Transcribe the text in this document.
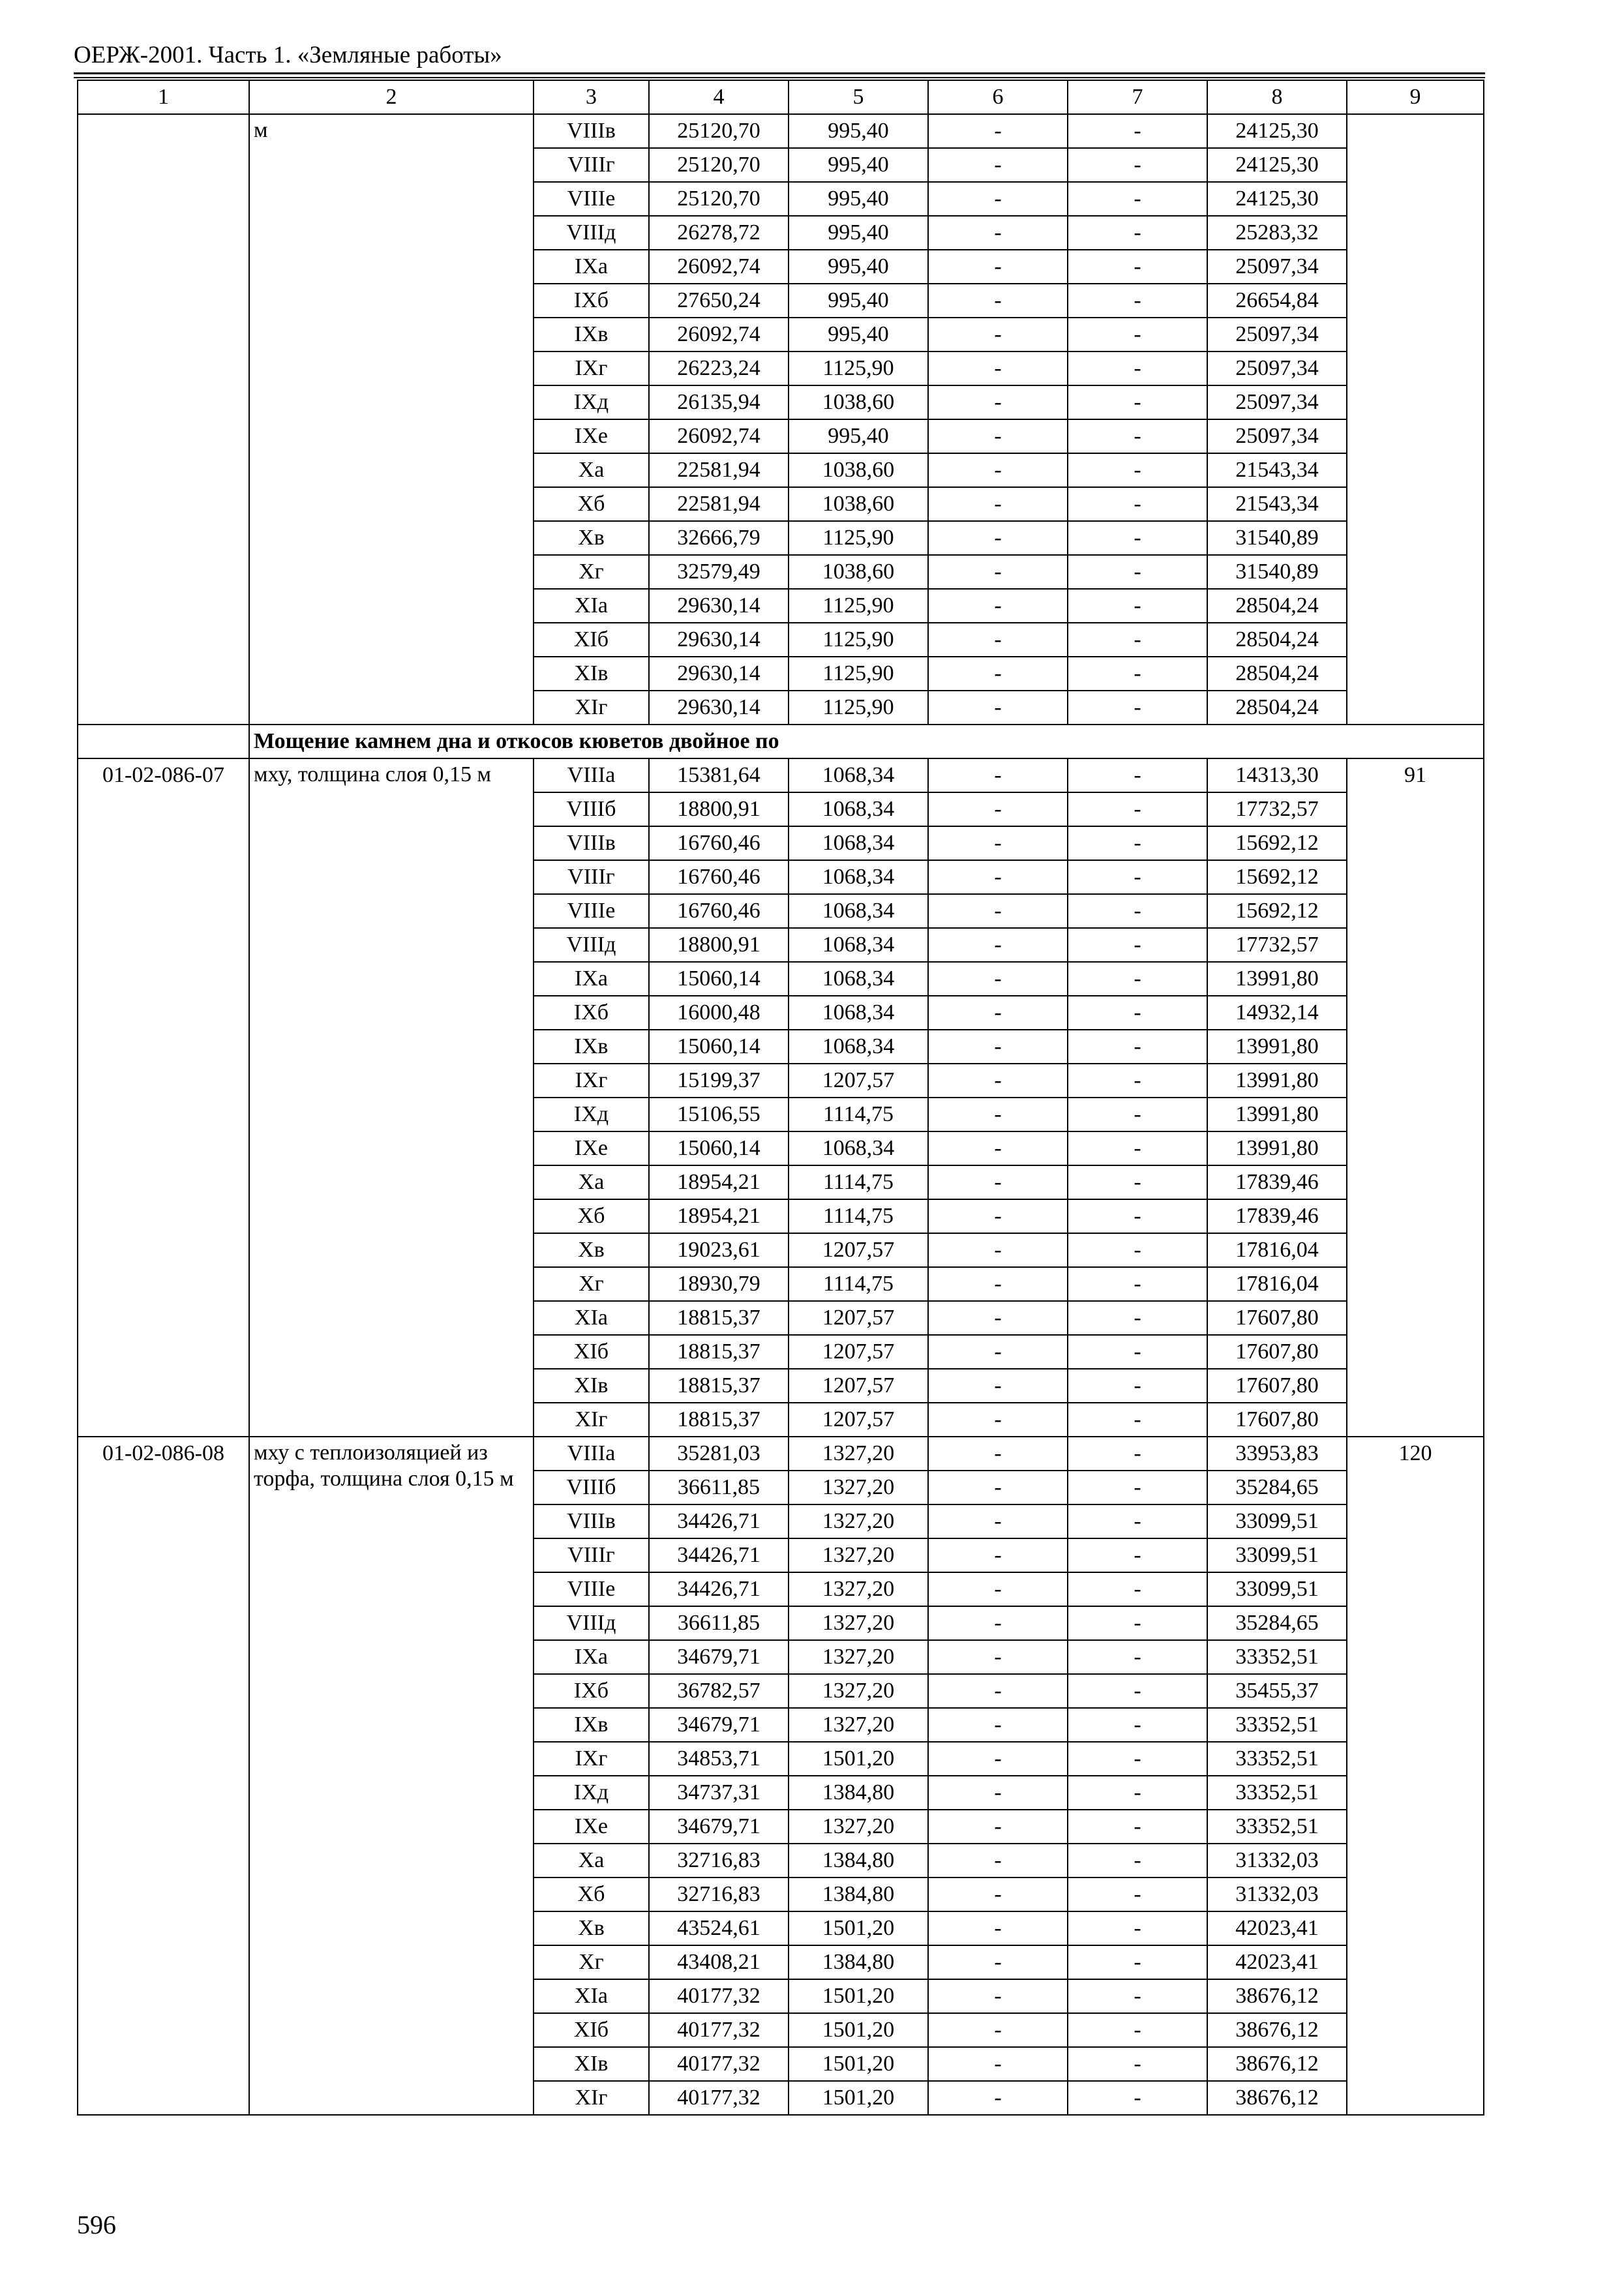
ОЕРЖ-2001. Часть 1. «Земляные работы»
1	2	3	4	5	6	7	8	9
	м	VIIIв	25120,70	995,40	-	-	24125,30	
		VIIIг	25120,70	995,40	-	-	24125,30	
		VIIIе	25120,70	995,40	-	-	24125,30	
		VIIIд	26278,72	995,40	-	-	25283,32	
		IXа	26092,74	995,40	-	-	25097,34	
		IXб	27650,24	995,40	-	-	26654,84	
		IXв	26092,74	995,40	-	-	25097,34	
		IXг	26223,24	1125,90	-	-	25097,34	
		IXд	26135,94	1038,60	-	-	25097,34	
		IXе	26092,74	995,40	-	-	25097,34	
		Xа	22581,94	1038,60	-	-	21543,34	
		Xб	22581,94	1038,60	-	-	21543,34	
		Xв	32666,79	1125,90	-	-	31540,89	
		Xг	32579,49	1038,60	-	-	31540,89	
		XIа	29630,14	1125,90	-	-	28504,24	
		XIб	29630,14	1125,90	-	-	28504,24	
		XIв	29630,14	1125,90	-	-	28504,24	
		XIг	29630,14	1125,90	-	-	28504,24	
	Мощение камнем дна и откосов кюветов двойное по							
01-02-086-07	мху, толщина слоя 0,15 м	VIIIа	15381,64	1068,34	-	-	14313,30	91
		VIIIб	18800,91	1068,34	-	-	17732,57	
		VIIIв	16760,46	1068,34	-	-	15692,12	
		VIIIг	16760,46	1068,34	-	-	15692,12	
		VIIIе	16760,46	1068,34	-	-	15692,12	
		VIIIд	18800,91	1068,34	-	-	17732,57	
		IXа	15060,14	1068,34	-	-	13991,80	
		IXб	16000,48	1068,34	-	-	14932,14	
		IXв	15060,14	1068,34	-	-	13991,80	
		IXг	15199,37	1207,57	-	-	13991,80	
		IXд	15106,55	1114,75	-	-	13991,80	
		IXе	15060,14	1068,34	-	-	13991,80	
		Xа	18954,21	1114,75	-	-	17839,46	
		Xб	18954,21	1114,75	-	-	17839,46	
		Xв	19023,61	1207,57	-	-	17816,04	
		Xг	18930,79	1114,75	-	-	17816,04	
		XIа	18815,37	1207,57	-	-	17607,80	
		XIб	18815,37	1207,57	-	-	17607,80	
		XIв	18815,37	1207,57	-	-	17607,80	
		XIг	18815,37	1207,57	-	-	17607,80	
01-02-086-08	мху с теплоизоляцией из торфа, толщина слоя 0,15 м	VIIIа	35281,03	1327,20	-	-	33953,83	120
		VIIIб	36611,85	1327,20	-	-	35284,65	
		VIIIв	34426,71	1327,20	-	-	33099,51	
		VIIIг	34426,71	1327,20	-	-	33099,51	
		VIIIе	34426,71	1327,20	-	-	33099,51	
		VIIIд	36611,85	1327,20	-	-	35284,65	
		IXа	34679,71	1327,20	-	-	33352,51	
		IXб	36782,57	1327,20	-	-	35455,37	
		IXв	34679,71	1327,20	-	-	33352,51	
		IXг	34853,71	1501,20	-	-	33352,51	
		IXд	34737,31	1384,80	-	-	33352,51	
		IXе	34679,71	1327,20	-	-	33352,51	
		Xа	32716,83	1384,80	-	-	31332,03	
		Xб	32716,83	1384,80	-	-	31332,03	
		Xв	43524,61	1501,20	-	-	42023,41	
		Xг	43408,21	1384,80	-	-	42023,41	
		XIа	40177,32	1501,20	-	-	38676,12	
		XIб	40177,32	1501,20	-	-	38676,12	
		XIв	40177,32	1501,20	-	-	38676,12	
		XIг	40177,32	1501,20	-	-	38676,12	
596
